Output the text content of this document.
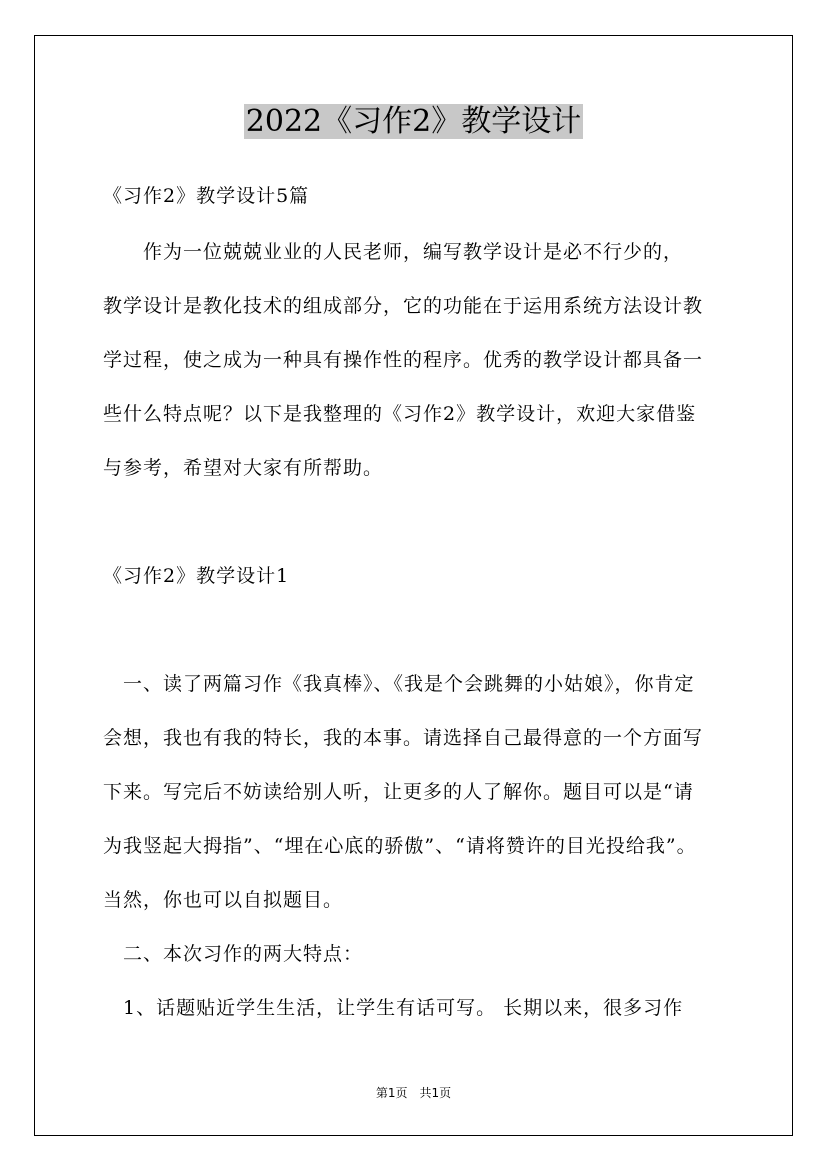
2022《习作2》教学设计
《习作2》教学设计5篇
　　作为一位兢兢业业的人民老师，编写教学设计是必不行少的，
教学设计是教化技术的组成部分，它的功能在于运用系统方法设计教
学过程，使之成为一种具有操作性的程序。优秀的教学设计都具备一
些什么特点呢？以下是我整理的《习作2》教学设计，欢迎大家借鉴
与参考，希望对大家有所帮助。
《习作2》教学设计1
　一、读了两篇习作《我真棒》、《我是个会跳舞的小姑娘》，你肯定
会想，我也有我的特长，我的本事。请选择自己最得意的一个方面写
下来。写完后不妨读给别人听，让更多的人了解你。题目可以是“请
为我竖起大拇指”、“埋在心底的骄傲”、“请将赞许的目光投给我”。
当然，你也可以自拟题目。
　二、本次习作的两大特点：
　1、话题贴近学生生活，让学生有话可写。 长期以来，很多习作
第1页　共1页
